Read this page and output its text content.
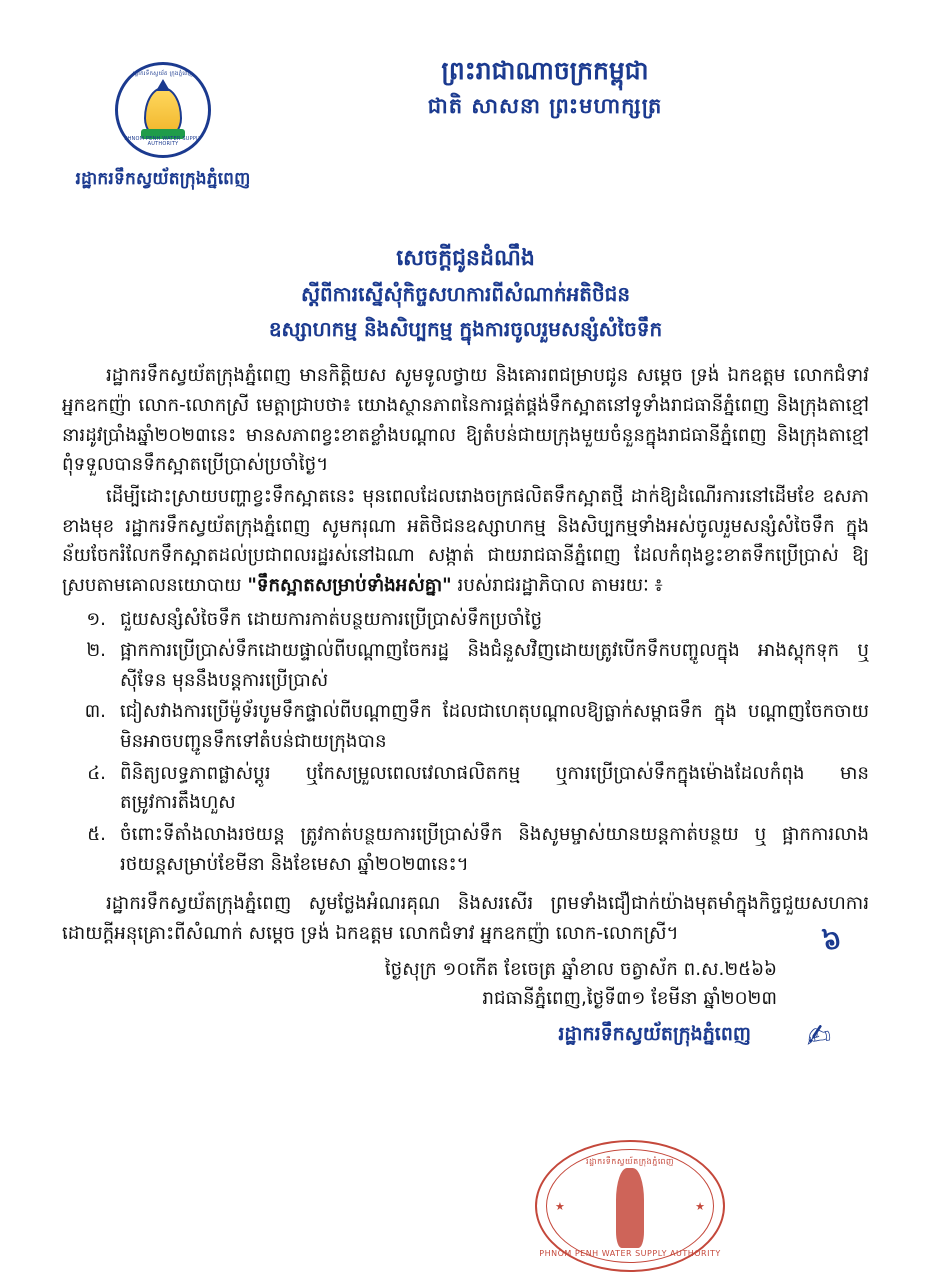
រដ្ឋាករទឹកស្វយ័ត ក្រុងភ្នំពេញ
PHNOM PENH WATER SUPPLY AUTHORITY
រដ្ឋាករទឹកស្វយ័តក្រុងភ្នំពេញ
ព្រះរាជាណាចក្រកម្ពុជា
ជាតិ សាសនា ព្រះមហាក្សត្រ
សេចក្តីជូនដំណឹង
ស្តីពីការស្នើសុំកិច្ចសហការពីសំណាក់អតិថិជន
ឧស្សាហកម្ម និងសិប្បកម្ម ក្នុងការចូលរួមសន្សំសំចៃទឹក

រដ្ឋាករទឹកស្វយ័តក្រុងភ្នំពេញ មានកិត្តិយស សូមទូលថ្វាយ និងគោរពជម្រាបជូន សម្តេច ទ្រង់ ឯកឧត្តម លោកជំទាវ អ្នកឧកញ៉ា លោក-លោកស្រី មេត្តាជ្រាបថា៖ យោងស្ថានភាពនៃការផ្គត់ផ្គង់ទឹកស្អាតនៅទូទាំងរាជធានីភ្នំពេញ និងក្រុងតាខ្មៅ នារដូវប្រាំងឆ្នាំ២០២៣នេះ មានសភាពខ្វះខាតខ្លាំងបណ្តាល ឱ្យតំបន់ជាយក្រុងមួយចំនួនក្នុងរាជធានីភ្នំពេញ និងក្រុងតាខ្មៅ ពុំទទួលបានទឹកស្អាតប្រើប្រាស់ប្រចាំថ្ងៃ។

ដើម្បីដោះស្រាយបញ្ហាខ្វះទឹកស្អាតនេះ មុនពេលដែលរោងចក្រផលិតទឹកស្អាតថ្មី ដាក់ឱ្យដំណើរការនៅដើមខែ ឧសភា ខាងមុខ រដ្ឋាករទឹកស្វយ័តក្រុងភ្នំពេញ សូមករុណា អតិថិជនឧស្សាហកម្ម និងសិប្បកម្មទាំងអស់ចូលរួមសន្សំសំចៃទឹក ក្នុងន័យចែករំលែកទឹកស្អាតដល់ប្រជាពលរដ្ឋរស់នៅឯណា សង្កាត់ ជាយរាជធានីភ្នំពេញ ដែលកំពុងខ្វះខាតទឹកប្រើប្រាស់ ឱ្យស្របតាមគោលនយោបាយ "ទឹកស្អាតសម្រាប់ទាំងអស់គ្នា" របស់រាជរដ្ឋាភិបាល តាមរយៈ ៖

១. ជួយសន្សំសំចៃទឹក ដោយការកាត់បន្ថយការប្រើប្រាស់ទឹកប្រចាំថ្ងៃ
២. ផ្អាកការប្រើប្រាស់ទឹកដោយផ្ទាល់ពីបណ្តាញចែករដ្ឋ និងជំនួសវិញដោយត្រូវបើកទឹកបញ្ចូលក្នុង អាងស្តុកទុក ឬស៊ីទែន មុននឹងបន្តការប្រើប្រាស់
៣. ជៀសវាងការប្រើម៉ូទ័របូមទឹកផ្ទាល់ពីបណ្តាញទឹក ដែលជាហេតុបណ្តាលឱ្យធ្លាក់សម្ពាធទឹក ក្នុង បណ្តាញចែកចាយ មិនអាចបញ្ជូនទឹកទៅតំបន់ជាយក្រុងបាន
៤. ពិនិត្យលទ្ធភាពផ្លាស់ប្តូរ ឬកែសម្រួលពេលវេលាផលិតកម្ម ឬការប្រើប្រាស់ទឹកក្នុងម៉ោងដែលកំពុង មានតម្រូវការតឹងហួស
៥. ចំពោះទីតាំងលាងរថយន្ត ត្រូវកាត់បន្ថយការប្រើប្រាស់ទឹក និងសូមម្ចាស់យានយន្តកាត់បន្ថយ ឬ ផ្អាកការលាងរថយន្តសម្រាប់ខែមីនា និងខែមេសា ឆ្នាំ២០២៣នេះ។

រដ្ឋាករទឹកស្វយ័តក្រុងភ្នំពេញ សូមថ្លែងអំណរគុណ និងសរសើរ ព្រមទាំងជឿជាក់យ៉ាងមុតមាំក្នុងកិច្ចជួយសហការដោយក្តីអនុគ្រោះពីសំណាក់ សម្តេច ទ្រង់ ឯកឧត្តម លោកជំទាវ អ្នកឧកញ៉ា លោក-លោកស្រី។	៦
ថ្ងៃសុក្រ ១០កើត ខែចេត្រ ឆ្នាំខាល ចត្វាស័ក ព.ស.២៥៦៦
រាជធានីភ្នំពេញ,ថ្ងៃទី៣១ ខែមីនា ឆ្នាំ២០២៣
រដ្ឋាករទឹកស្វយ័តក្រុងភ្នំពេញ	✍
រដ្ឋាករទឹកស្វយ័តក្រុងភ្នំពេញ
★	★
PHNOM PENH WATER SUPPLY AUTHORITY
